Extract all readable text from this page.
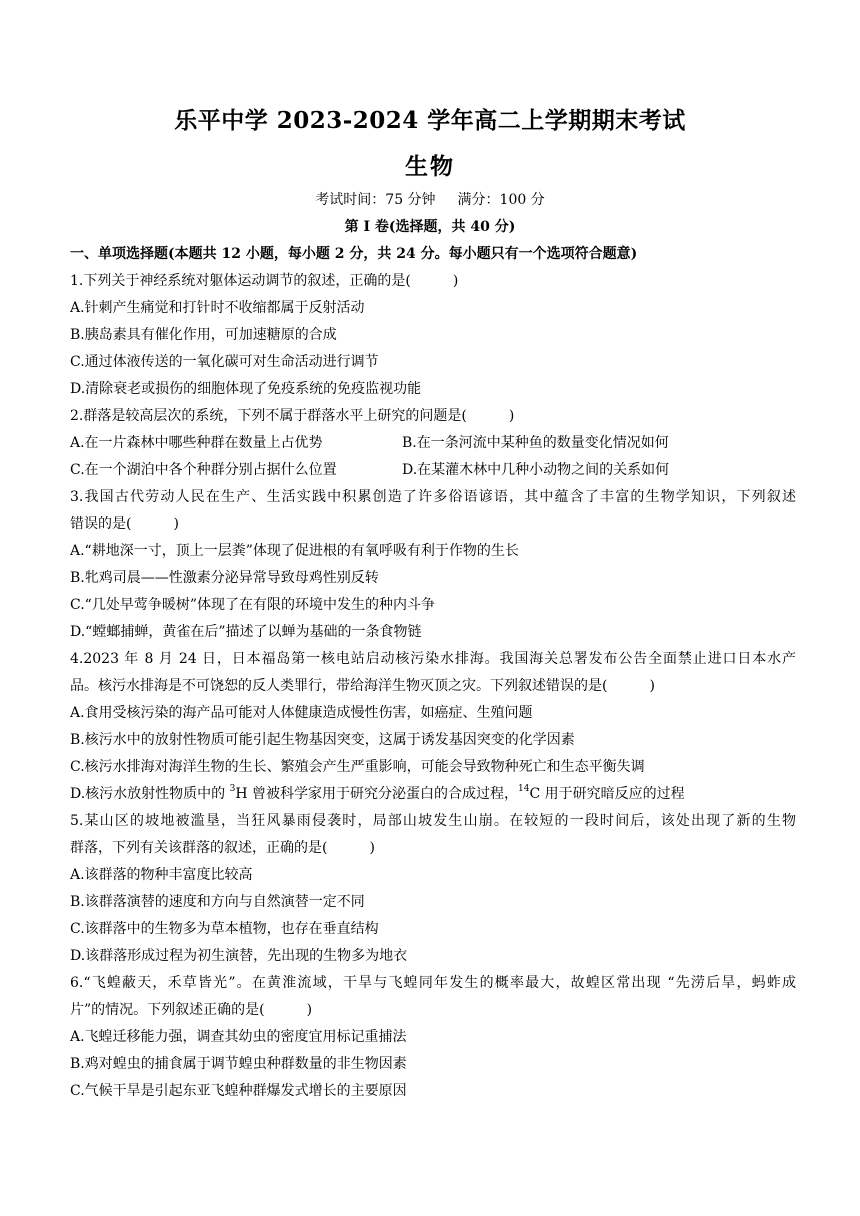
乐平中学 2023-2024 学年高二上学期期末考试
生物
考试时间：75 分钟 满分：100 分
第 I 卷(选择题，共 40 分)
一、单项选择题(本题共 12 小题，每小题 2 分，共 24 分。每小题只有一个选项符合题意)
1.下列关于神经系统对躯体运动调节的叙述，正确的是(　　　)
A.针刺产生痛觉和打针时不收缩都属于反射活动
B.胰岛素具有催化作用，可加速糖原的合成
C.通过体液传送的一氧化碳可对生命活动进行调节
D.清除衰老或损伤的细胞体现了免疫系统的免疫监视功能
2.群落是较高层次的系统，下列不属于群落水平上研究的问题是(　　　)
A.在一片森林中哪些种群在数量上占优势	B.在一条河流中某种鱼的数量变化情况如何
C.在一个湖泊中各个种群分别占据什么位置	D.在某灌木林中几种小动物之间的关系如何
3.我国古代劳动人民在生产、生活实践中积累创造了许多俗语谚语，其中蕴含了丰富的生物学知识，下列叙述
错误的是(　　　)
A.“耕地深一寸，顶上一层粪”体现了促进根的有氧呼吸有利于作物的生长
B.牝鸡司晨——性激素分泌异常导致母鸡性别反转
C.“几处早莺争暖树”体现了在有限的环境中发生的种内斗争
D.“螳螂捕蝉，黄雀在后”描述了以蝉为基础的一条食物链
4.2023 年 8 月 24 日，日本福岛第一核电站启动核污染水排海。我国海关总署发布公告全面禁止进口日本水产
品。核污水排海是不可饶恕的反人类罪行，带给海洋生物灭顶之灾。下列叙述错误的是(　　　)
A.食用受核污染的海产品可能对人体健康造成慢性伤害，如癌症、生殖问题
B.核污水中的放射性物质可能引起生物基因突变，这属于诱发基因突变的化学因素
C.核污水排海对海洋生物的生长、繁殖会产生严重影响，可能会导致物种死亡和生态平衡失调
D.核污水放射性物质中的 $^3$H 曾被科学家用于研究分泌蛋白的合成过程，$^{14}$C 用于研究暗反应的过程
5.某山区的坡地被滥垦，当狂风暴雨侵袭时，局部山坡发生山崩。在较短的一段时间后，该处出现了新的生物
群落，下列有关该群落的叙述，正确的是(　　　)
A.该群落的物种丰富度比较高
B.该群落演替的速度和方向与自然演替一定不同
C.该群落中的生物多为草本植物，也存在垂直结构
D.该群落形成过程为初生演替，先出现的生物多为地衣
6.“飞蝗蔽天，禾草皆光”。在黄淮流域，干旱与飞蝗同年发生的概率最大，故蝗区常出现 “先涝后旱，蚂蚱成
片”的情况。下列叙述正确的是(　　　)
A.飞蝗迁移能力强，调查其幼虫的密度宜用标记重捕法
B.鸡对蝗虫的捕食属于调节蝗虫种群数量的非生物因素
C.气候干旱是引起东亚飞蝗种群爆发式增长的主要原因
